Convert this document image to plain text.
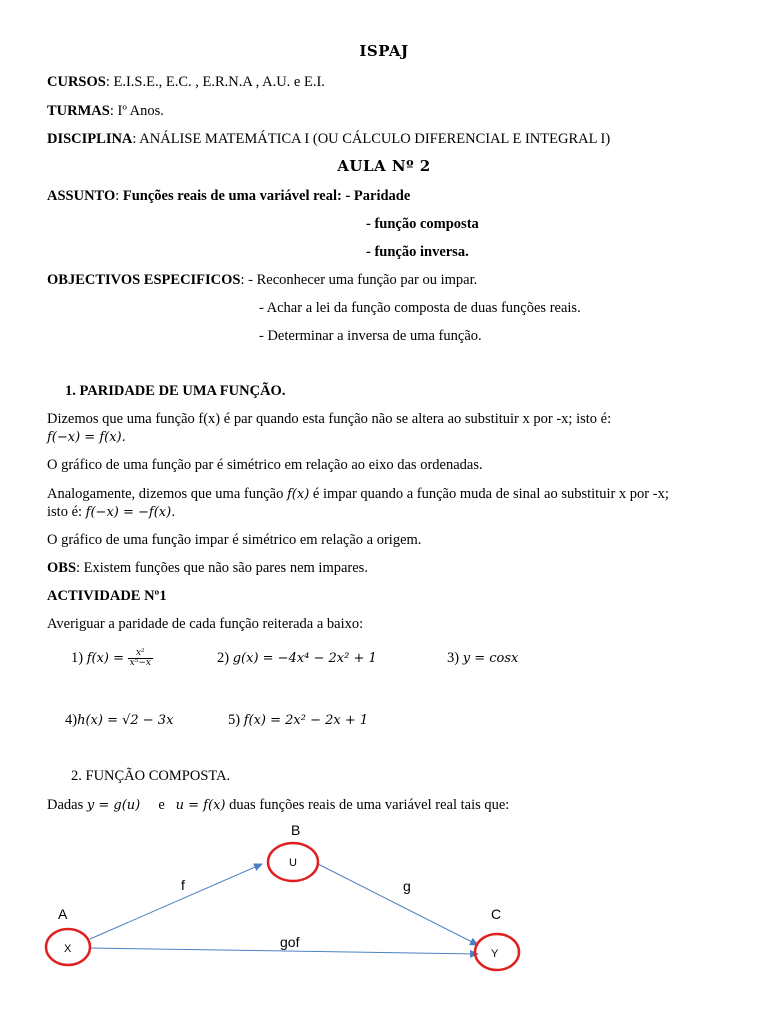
ISPAJ
CURSOS: E.I.S.E., E.C. , E.R.N.A , A.U. e E.I.
TURMAS: Iº Anos.
DISCIPLINA: ANÁLISE MATEMÁTICA I (OU CÁLCULO DIFERENCIAL E INTEGRAL I)
AULA Nº 2
ASSUNTO: Funções reais de uma variável real: - Paridade
- função composta
- função inversa.
OBJECTIVOS ESPECIFICOS: - Reconhecer uma função par ou impar.
- Achar a lei da função composta de duas funções reais.
- Determinar a inversa de uma função.
1. PARIDADE DE UMA FUNÇÃO.
Dizemos que uma função f(x) é par quando esta função não se altera ao substituir x por -x; isto é:
f(−x) = f(x).
O gráfico de uma função par é simétrico em relação ao eixo das ordenadas.
Analogamente, dizemos que uma função f(x) é impar quando a função muda de sinal ao substituir x por -x;
isto é: f(−x) = −f(x).
O gráfico de uma função impar é simétrico em relação a origem.
OBS: Existem funções que não são pares nem impares.
ACTIVIDADE Nº1
Averiguar a paridade de cada função reiterada a baixo:
1) $f(x) = \frac{\text{x²}}{\text{x⁵−x}}$	2) g(x) = −4x⁴ − 2x² + 1	3) y = cosx
4)h(x) = √2 − 3x	5) f(x) = 2x² − 2x + 1
2. FUNÇÃO COMPOSTA.
Dadas y = g(u)     e   u = f(x) duas funções reais de uma variável real tais que:
B
A	C
f	g
gof
X
U
Y
